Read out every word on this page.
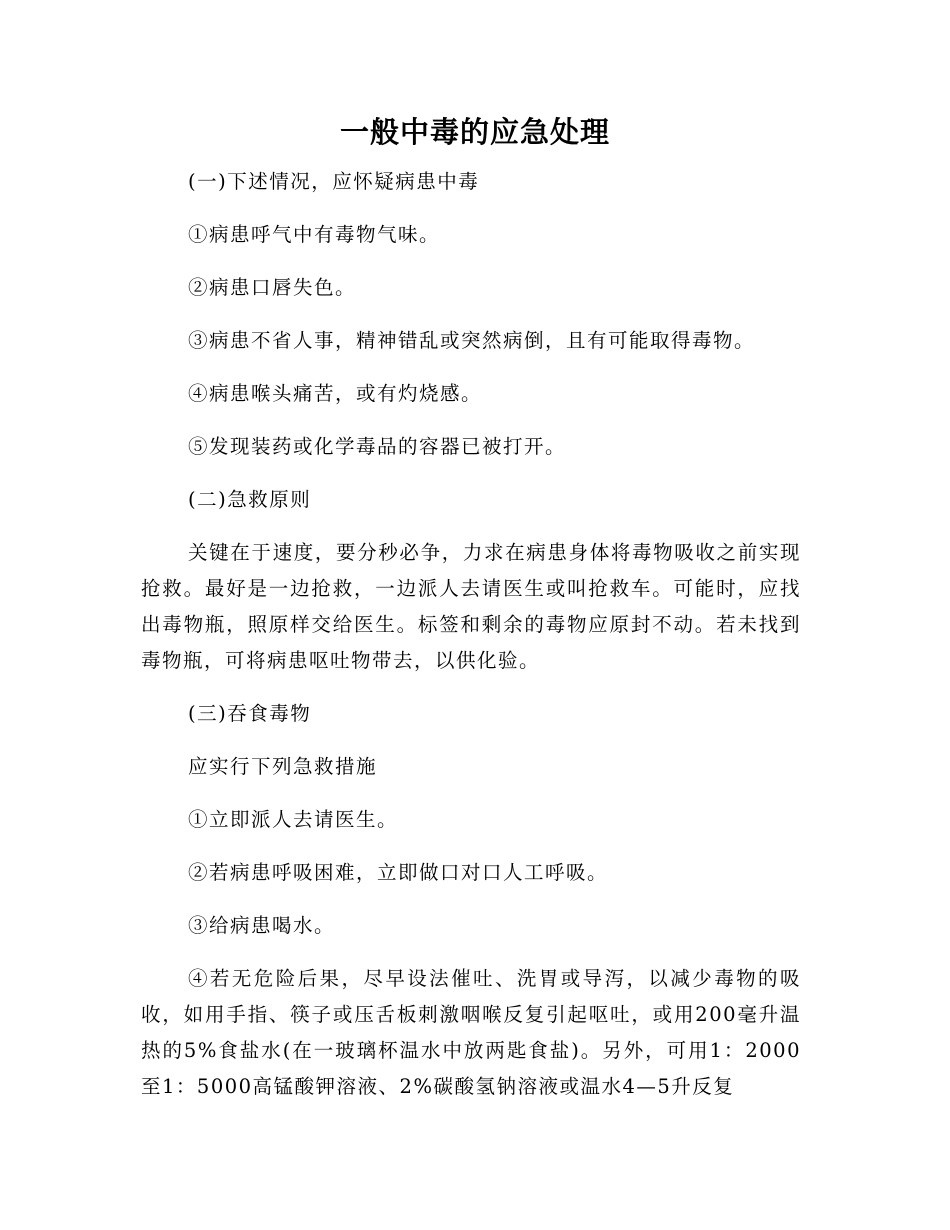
一般中毒的应急处理

(一)下述情况，应怀疑病患中毒

①病患呼气中有毒物气味。

②病患口唇失色。

③病患不省人事，精神错乱或突然病倒，且有可能取得毒物。

④病患喉头痛苦，或有灼烧感。

⑤发现装药或化学毒品的容器已被打开。

(二)急救原则

关键在于速度，要分秒必争，力求在病患身体将毒物吸收之前实现抢救。最好是一边抢救，一边派人去请医生或叫抢救车。可能时，应找出毒物瓶，照原样交给医生。标签和剩余的毒物应原封不动。若未找到毒物瓶，可将病患呕吐物带去，以供化验。

(三)吞食毒物

应实行下列急救措施

①立即派人去请医生。

②若病患呼吸困难，立即做口对口人工呼吸。

③给病患喝水。

④若无危险后果，尽早设法催吐、洗胃或导泻，以减少毒物的吸收，如用手指、筷子或压舌板刺激咽喉反复引起呕吐，或用200毫升温热的5%食盐水(在一玻璃杯温水中放两匙食盐)。另外，可用1：2000至1：5000高锰酸钾溶液、2%碳酸氢钠溶液或温水4—5升反复
